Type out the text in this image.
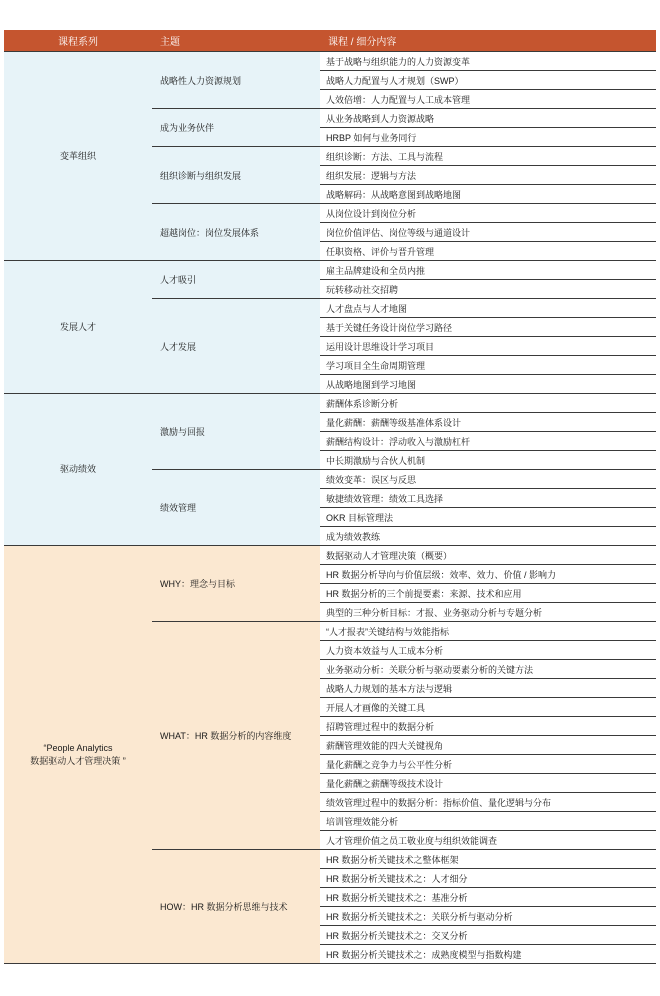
课程系列	主题	课程 / 细分内容
变革组织	战略性人力资源规划	基于战略与组织能力的人力资源变革
		战略人力配置与人才规划（SWP）
		人效倍增：人力配置与人工成本管理
	成为业务伙伴	从业务战略到人力资源战略
		HRBP 如何与业务同行
	组织诊断与组织发展	组织诊断：方法、工具与流程
		组织发展：逻辑与方法
		战略解码：从战略意图到战略地图
	超越岗位：岗位发展体系	从岗位设计到岗位分析
		岗位价值评估、岗位等级与通道设计
		任职资格、评价与晋升管理
发展人才	人才吸引	雇主品牌建设和全员内推
		玩转移动社交招聘
	人才发展	人才盘点与人才地图
		基于关键任务设计岗位学习路径
		运用设计思维设计学习项目
		学习项目全生命周期管理
		从战略地图到学习地图
驱动绩效	激励与回报	薪酬体系诊断分析
		量化薪酬：薪酬等级基准体系设计
		薪酬结构设计：浮动收入与激励杠杆
		中长期激励与合伙人机制
	绩效管理	绩效变革：误区与反思
		敏捷绩效管理：绩效工具选择
		OKR 目标管理法
		成为绩效教练
“People Analytics
数据驱动人才管理决策 ”	WHY：理念与目标	数据驱动人才管理决策（概要）
		HR 数据分析导向与价值层级：效率、效力、价值 / 影响力
		HR 数据分析的三个前提要素：来源、技术和应用
		典型的三种分析目标：才报、业务驱动分析与专题分析
	WHAT：HR 数据分析的内容维度	“人才报表”关键结构与效能指标
		人力资本效益与人工成本分析
		业务驱动分析：关联分析与驱动要素分析的关键方法
		战略人力规划的基本方法与逻辑
		开展人才画像的关键工具
		招聘管理过程中的数据分析
		薪酬管理效能的四大关键视角
		量化薪酬之竞争力与公平性分析
		量化薪酬之薪酬等级技术设计
		绩效管理过程中的数据分析：指标价值、量化逻辑与分布
		培训管理效能分析
		人才管理价值之员工敬业度与组织效能调查
	HOW：HR 数据分析思维与技术	HR 数据分析关键技术之整体框架
		HR 数据分析关键技术之：人才细分
		HR 数据分析关键技术之：基准分析
		HR 数据分析关键技术之：关联分析与驱动分析
		HR 数据分析关键技术之：交叉分析
		HR 数据分析关键技术之：成熟度模型与指数构建
